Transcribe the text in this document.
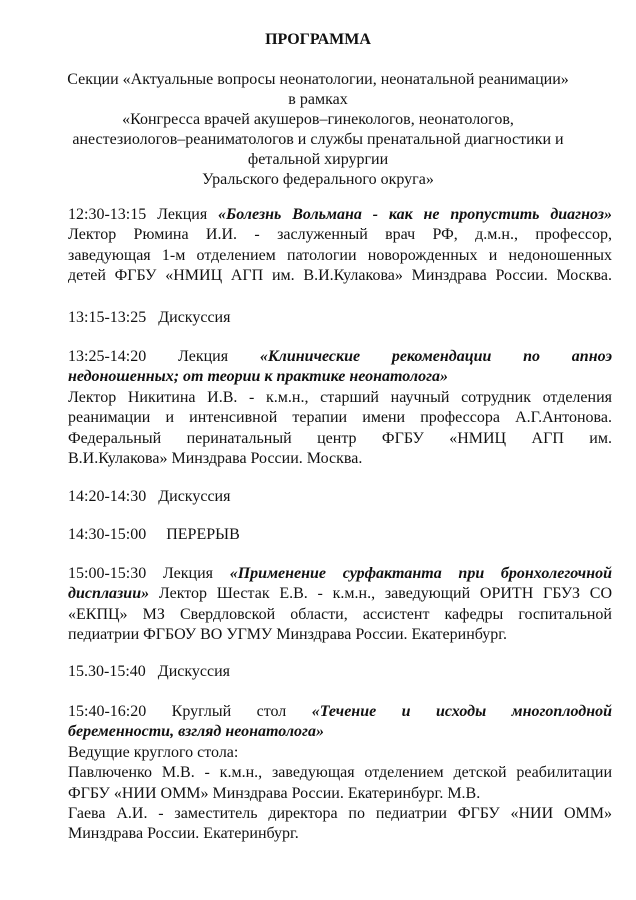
ПРОГРАММА
Секции «Актуальные вопросы неонатологии, неонатальной реанимации»
в рамках
«Конгресса врачей акушеров–гинекологов, неонатологов,
анестезиологов–реаниматологов и службы пренатальной диагностики и
фетальной хирургии
Уральского федерального округа»
12:30-13:15 Лекция «Болезнь Вольмана - как не пропустить диагноз»
Лектор Рюмина И.И. - заслуженный врач РФ, д.м.н., профессор,
заведующая 1-м отделением патологии новорожденных и недоношенных
детей ФГБУ «НМИЦ АГП им. В.И.Кулакова» Минздрава России. Москва.
13:15-13:25   Дискуссия
13:25-14:20 Лекция «Клинические рекомендации по апноэ
недоношенных; от теории к практике неонатолога»
Лектор Никитина И.В. - к.м.н., старший научный сотрудник отделения
реанимации и интенсивной терапии имени профессора А.Г.Антонова.
Федеральный перинатальный центр ФГБУ «НМИЦ АГП им.
В.И.Кулакова» Минздрава России. Москва.
14:20-14:30   Дискуссия
14:30-15:00     ПЕРЕРЫВ
15:00-15:30 Лекция «Применение сурфактанта при бронхолегочной
дисплазии» Лектор Шестак Е.В. - к.м.н., заведующий ОРИТН ГБУЗ СО
«ЕКПЦ» МЗ Свердловской области, ассистент кафедры госпитальной
педиатрии ФГБОУ ВО УГМУ Минздрава России. Екатеринбург.
15.30-15:40   Дискуссия
15:40-16:20 Круглый стол «Течение и исходы многоплодной
беременности, взгляд неонатолога»
Ведущие круглого стола:
Павлюченко М.В. - к.м.н., заведующая отделением детской реабилитации
ФГБУ «НИИ ОММ» Минздрава России. Екатеринбург. М.В.
Гаева А.И. - заместитель директора по педиатрии ФГБУ «НИИ ОММ»
Минздрава России. Екатеринбург.
